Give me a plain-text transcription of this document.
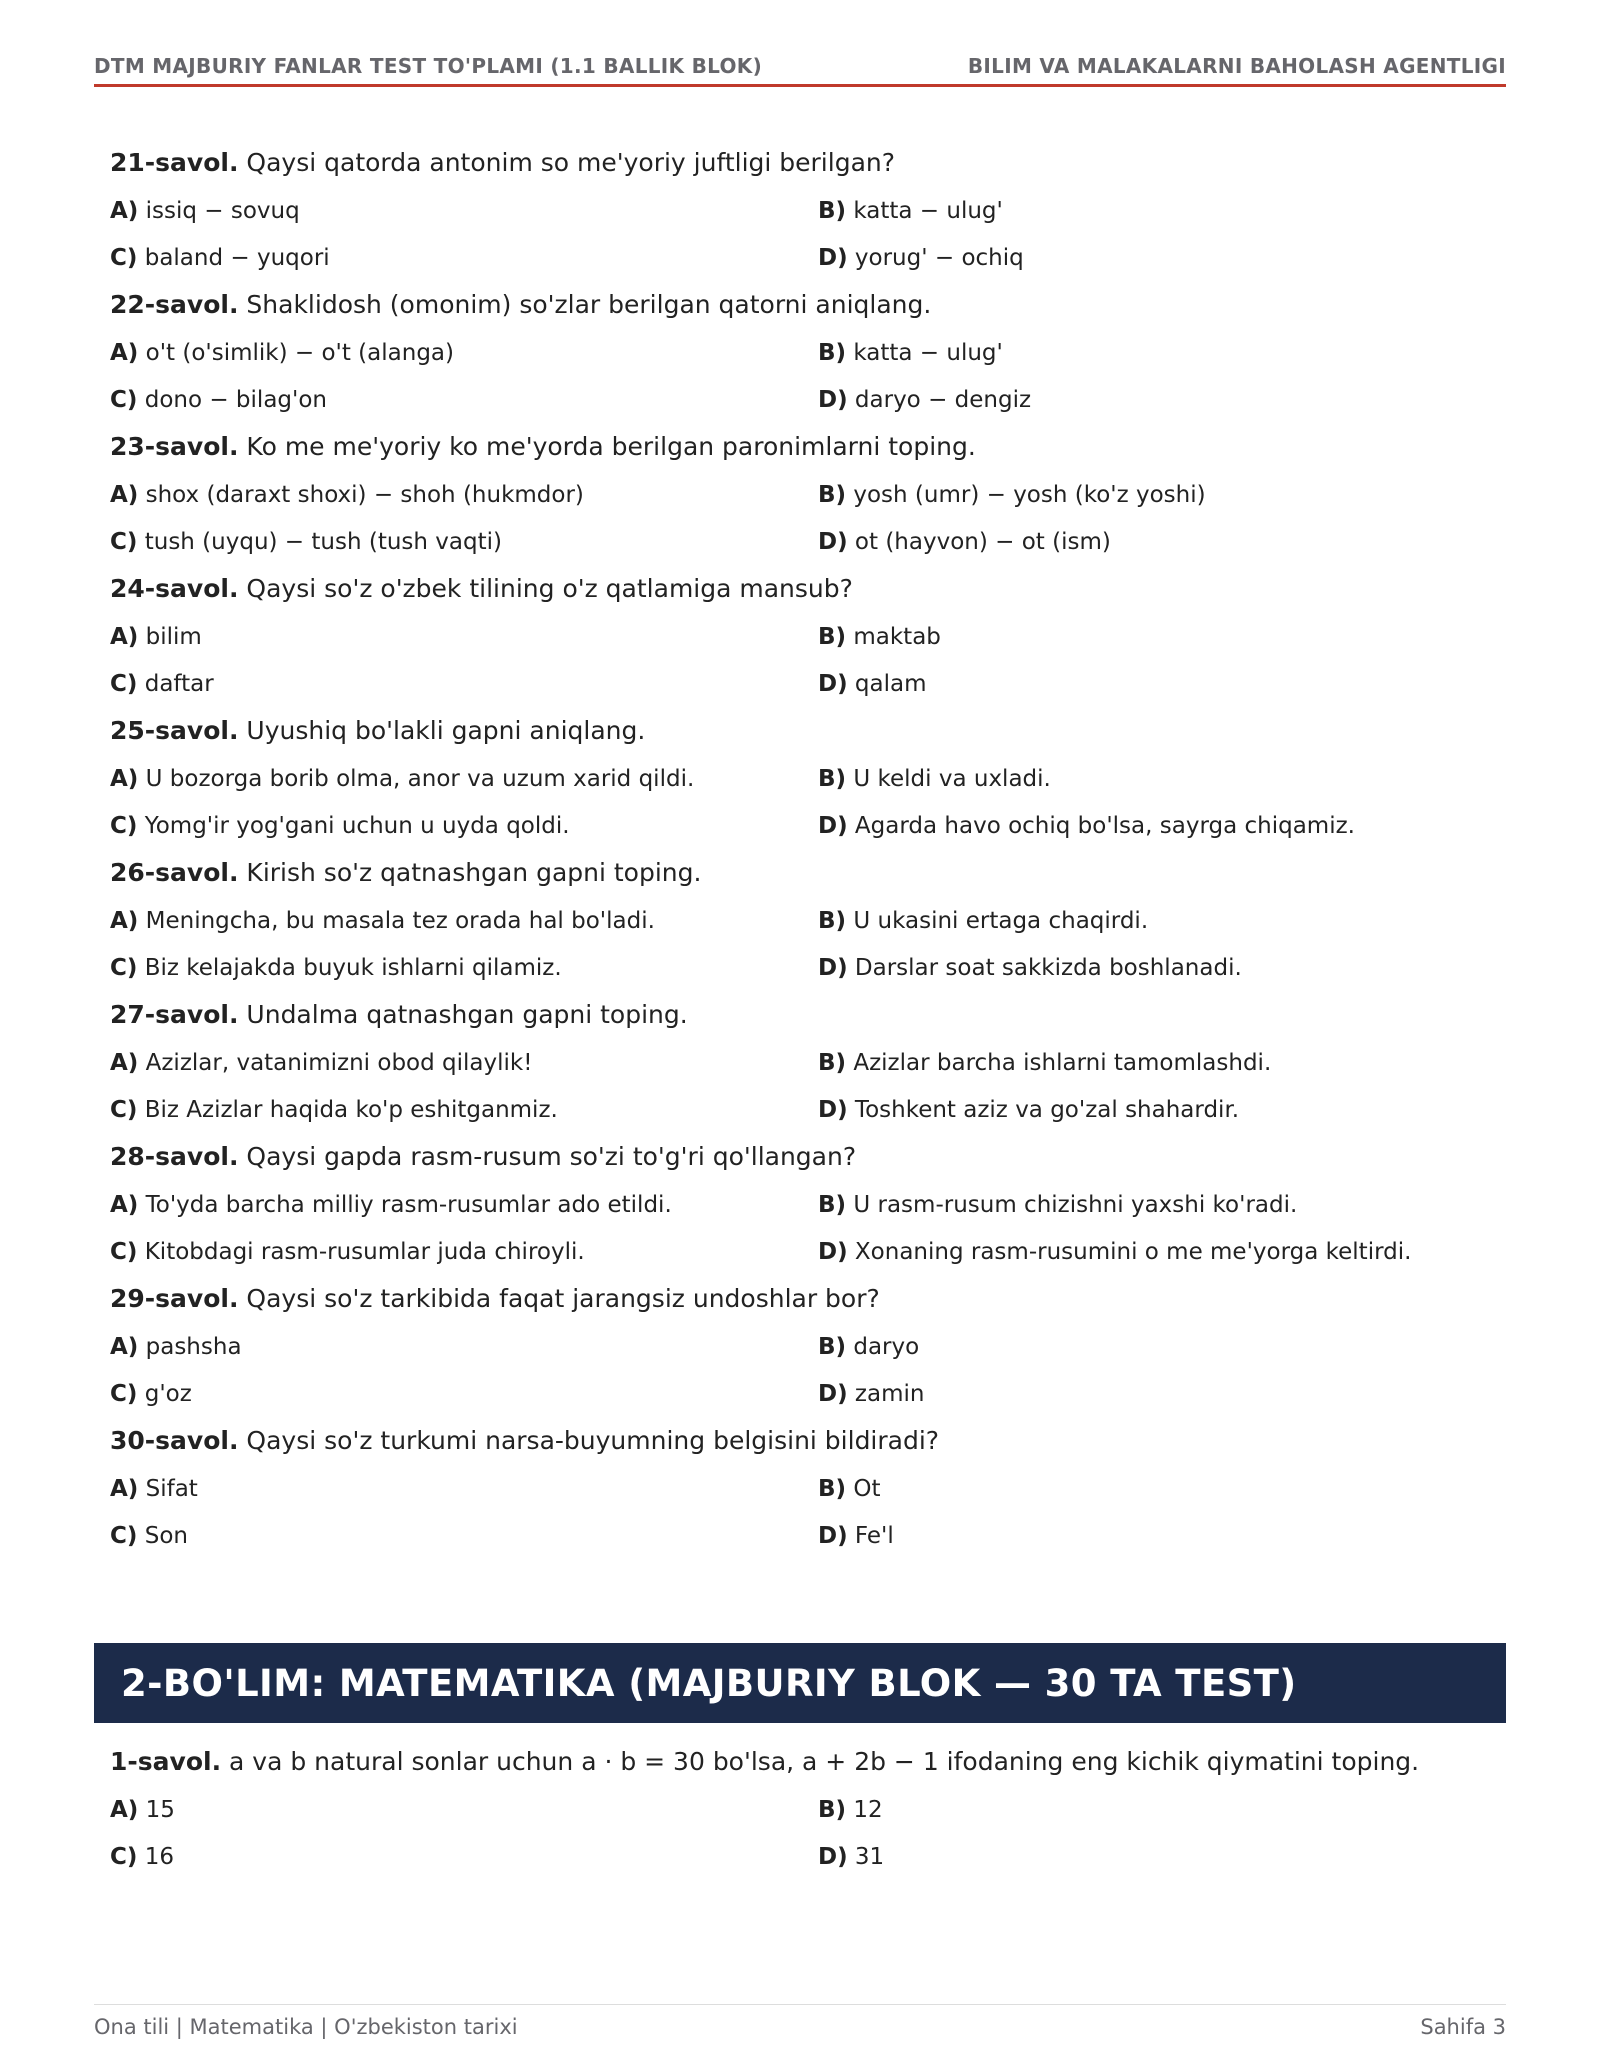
DTM MAJBURIY FANLAR TEST TO'PLAMI (1.1 BALLIK BLOK)	BILIM VA MALAKALARNI BAHOLASH AGENTLIGI
21-savol. Qaysi qatorda antonim so me'yoriy juftligi berilgan?
A) issiq − sovuq	B) katta − ulug'
C) baland − yuqori	D) yorug' − ochiq
22-savol. Shaklidosh (omonim) so'zlar berilgan qatorni aniqlang.
A) o't (o'simlik) − o't (alanga)	B) katta − ulug'
C) dono − bilag'on	D) daryo − dengiz
23-savol. Ko me me'yoriy ko me'yorda berilgan paronimlarni toping.
A) shox (daraxt shoxi) − shoh (hukmdor)	B) yosh (umr) − yosh (ko'z yoshi)
C) tush (uyqu) − tush (tush vaqti)	D) ot (hayvon) − ot (ism)
24-savol. Qaysi so'z o'zbek tilining o'z qatlamiga mansub?
A) bilim	B) maktab
C) daftar	D) qalam
25-savol. Uyushiq bo'lakli gapni aniqlang.
A) U bozorga borib olma, anor va uzum xarid qildi.	B) U keldi va uxladi.
C) Yomg'ir yog'gani uchun u uyda qoldi.	D) Agarda havo ochiq bo'lsa, sayrga chiqamiz.
26-savol. Kirish so'z qatnashgan gapni toping.
A) Meningcha, bu masala tez orada hal bo'ladi.	B) U ukasini ertaga chaqirdi.
C) Biz kelajakda buyuk ishlarni qilamiz.	D) Darslar soat sakkizda boshlanadi.
27-savol. Undalma qatnashgan gapni toping.
A) Azizlar, vatanimizni obod qilaylik!	B) Azizlar barcha ishlarni tamomlashdi.
C) Biz Azizlar haqida ko'p eshitganmiz.	D) Toshkent aziz va go'zal shahardir.
28-savol. Qaysi gapda rasm-rusum so'zi to'g'ri qo'llangan?
A) To'yda barcha milliy rasm-rusumlar ado etildi.	B) U rasm-rusum chizishni yaxshi ko'radi.
C) Kitobdagi rasm-rusumlar juda chiroyli.	D) Xonaning rasm-rusumini o me me'yorga keltirdi.
29-savol. Qaysi so'z tarkibida faqat jarangsiz undoshlar bor?
A) pashsha	B) daryo
C) g'oz	D) zamin
30-savol. Qaysi so'z turkumi narsa-buyumning belgisini bildiradi?
A) Sifat	B) Ot
C) Son	D) Fe'l
2-BO'LIM: MATEMATIKA (MAJBURIY BLOK — 30 TA TEST)
1-savol. a va b natural sonlar uchun a · b = 30 bo'lsa, a + 2b − 1 ifodaning eng kichik qiymatini toping.
A) 15	B) 12
C) 16	D) 31
Ona tili | Matematika | O'zbekiston tarixi	Sahifa 3
